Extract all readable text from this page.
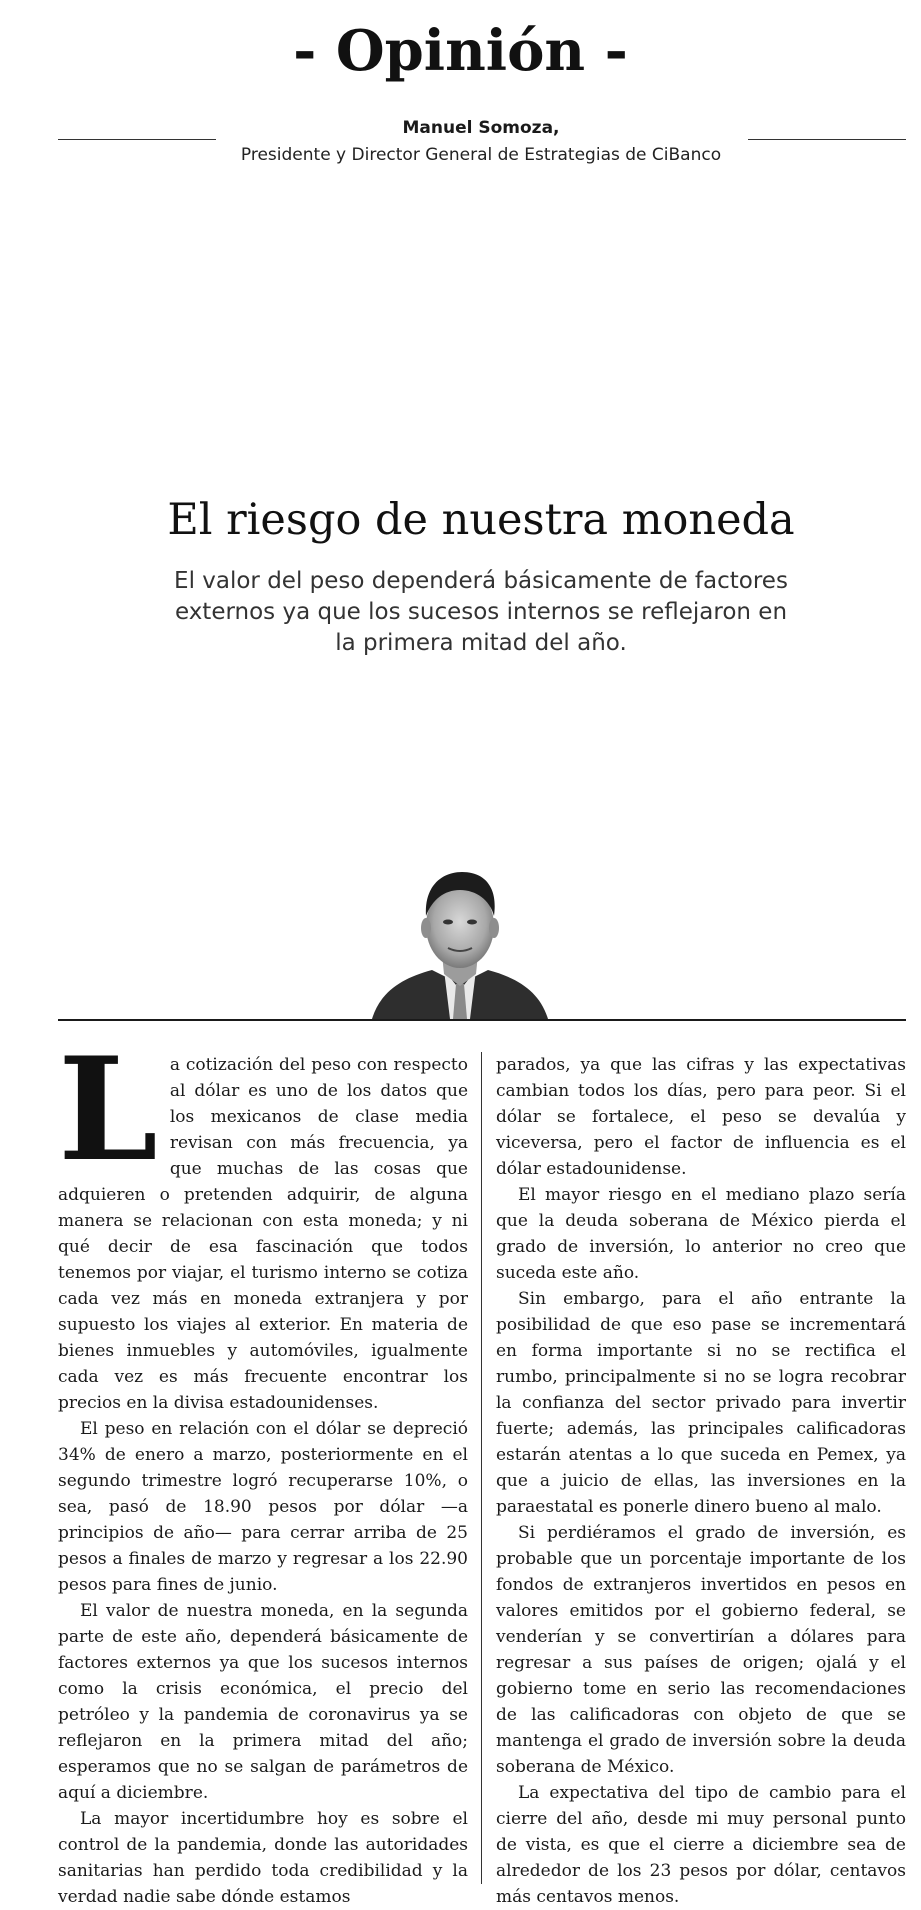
- Opinión -
Manuel Somoza,
Presidente y Director General de Estrategias de CiBanco
El riesgo de nuestra moneda
El valor del peso dependerá básicamente de factores externos ya que los sucesos internos se reflejaron en la primera mitad del año.

La cotización del peso con respecto al dólar es uno de los datos que los mexicanos de clase media revisan con más frecuencia, ya que muchas de las cosas que adquieren o pretenden adquirir, de alguna manera se relacionan con esta moneda; y ni qué decir de esa fascinación que todos tenemos por viajar, el turismo interno se cotiza cada vez más en moneda extranjera y por supuesto los viajes al exterior. En materia de bienes inmuebles y automóviles, igualmente cada vez es más frecuente encontrar los precios en la divisa estadounidenses.

El peso en relación con el dólar se depreció 34% de enero a marzo, posteriormente en el segundo trimestre logró recuperarse 10%, o sea, pasó de 18.90 pesos por dólar —a principios de año— para cerrar arriba de 25 pesos a finales de marzo y regresar a los 22.90 pesos para fines de junio.

El valor de nuestra moneda, en la segunda parte de este año, dependerá básicamente de factores externos ya que los sucesos internos como la crisis económica, el precio del petróleo y la pandemia de coronavirus ya se reflejaron en la primera mitad del año; esperamos que no se salgan de parámetros de aquí a diciembre.

La mayor incertidumbre hoy es sobre el control de la pandemia, donde las autoridades sanitarias han perdido toda credibilidad y la verdad nadie sabe dónde estamos

parados, ya que las cifras y las expectativas cambian todos los días, pero para peor. Si el dólar se fortalece, el peso se devalúa y viceversa, pero el factor de influencia es el dólar estadounidense.

El mayor riesgo en el mediano plazo sería que la deuda soberana de México pierda el grado de inversión, lo anterior no creo que suceda este año.

Sin embargo, para el año entrante la posibilidad de que eso pase se incrementará en forma importante si no se rectifica el rumbo, principalmente si no se logra recobrar la confianza del sector privado para invertir fuerte; además, las principales calificadoras estarán atentas a lo que suceda en Pemex, ya que a juicio de ellas, las inversiones en la paraestatal es ponerle dinero bueno al malo.

Si perdiéramos el grado de inversión, es probable que un porcentaje importante de los fondos de extranjeros invertidos en pesos en valores emitidos por el gobierno federal, se venderían y se convertirían a dólares para regresar a sus países de origen; ojalá y el gobierno tome en serio las recomendaciones de las calificadoras con objeto de que se mantenga el grado de inversión sobre la deuda soberana de México.

La expectativa del tipo de cambio para el cierre del año, desde mi muy personal punto de vista, es que el cierre a diciembre sea de alrededor de los 23 pesos por dólar, centavos más centavos menos.
